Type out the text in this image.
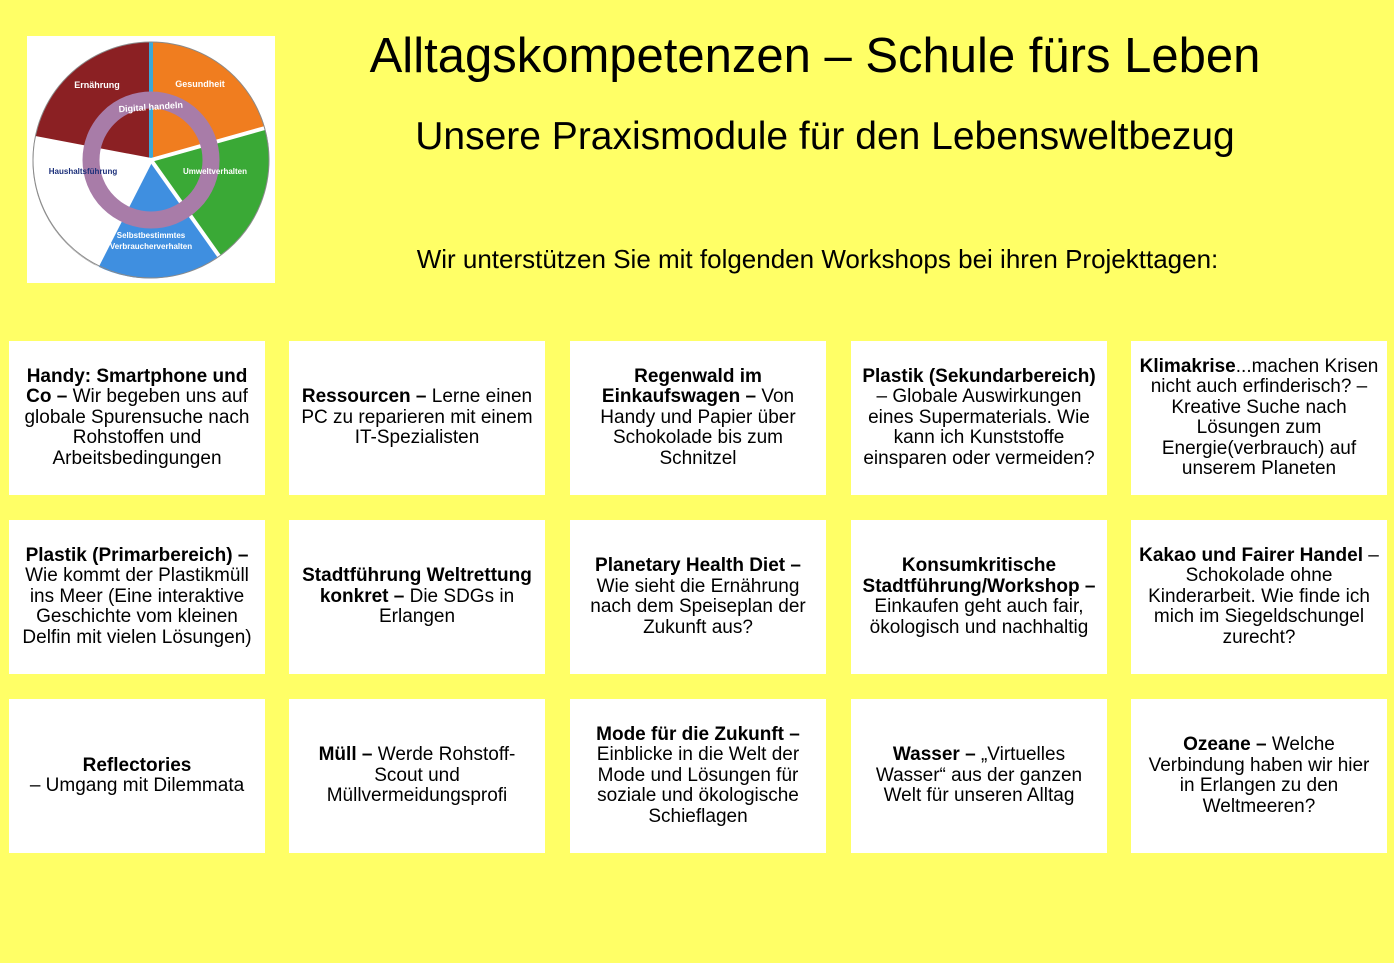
Ernährung	Gesundheit
Umweltverhalten
Selbstbestimmtes
Verbraucherverhalten
Haushaltsführung
Digital handeln
Alltagskompetenzen – Schule fürs Leben
Unsere Praxismodule für den Lebensweltbezug
Wir unterstützen Sie mit folgenden Workshops bei ihren Projekttagen:

Handy: Smartphone und Co – Wir begeben uns auf globale Spurensuche nach Rohstoffen und Arbeitsbedingungen

Ressourcen – Lerne einen PC zu reparieren mit einem IT-Spezialisten

Regenwald im Einkaufswagen – Von Handy und Papier über Schokolade bis zum Schnitzel

Plastik (Sekundarbereich) – Globale Auswirkungen eines Supermaterials. Wie kann ich Kunststoffe einsparen oder vermeiden?

Klimakrise...machen Krisen nicht auch erfinderisch? – Kreative Suche nach Lösungen zum Energie(verbrauch) auf unserem Planeten

Plastik (Primarbereich) – Wie kommt der Plastikmüll ins Meer (Eine interaktive Geschichte vom kleinen Delfin mit vielen Lösungen)

Stadtführung Weltrettung konkret – Die SDGs in Erlangen

Planetary Health Diet – Wie sieht die Ernährung nach dem Speiseplan der Zukunft aus?

Konsumkritische Stadtführung/Workshop – Einkaufen geht auch fair, ökologisch und nachhaltig

Kakao und Fairer Handel – Schokolade ohne Kinderarbeit. Wie finde ich mich im Siegeldschungel zurecht?

Reflectories
– Umgang mit Dilemmata

Müll – Werde Rohstoff-Scout und Müllvermeidungsprofi

Mode für die Zukunft – Einblicke in die Welt der Mode und Lösungen für soziale und ökologische Schieflagen

Wasser – „Virtuelles Wasser“ aus der ganzen Welt für unseren Alltag

Ozeane – Welche Verbindung haben wir hier in Erlangen zu den Weltmeeren?
